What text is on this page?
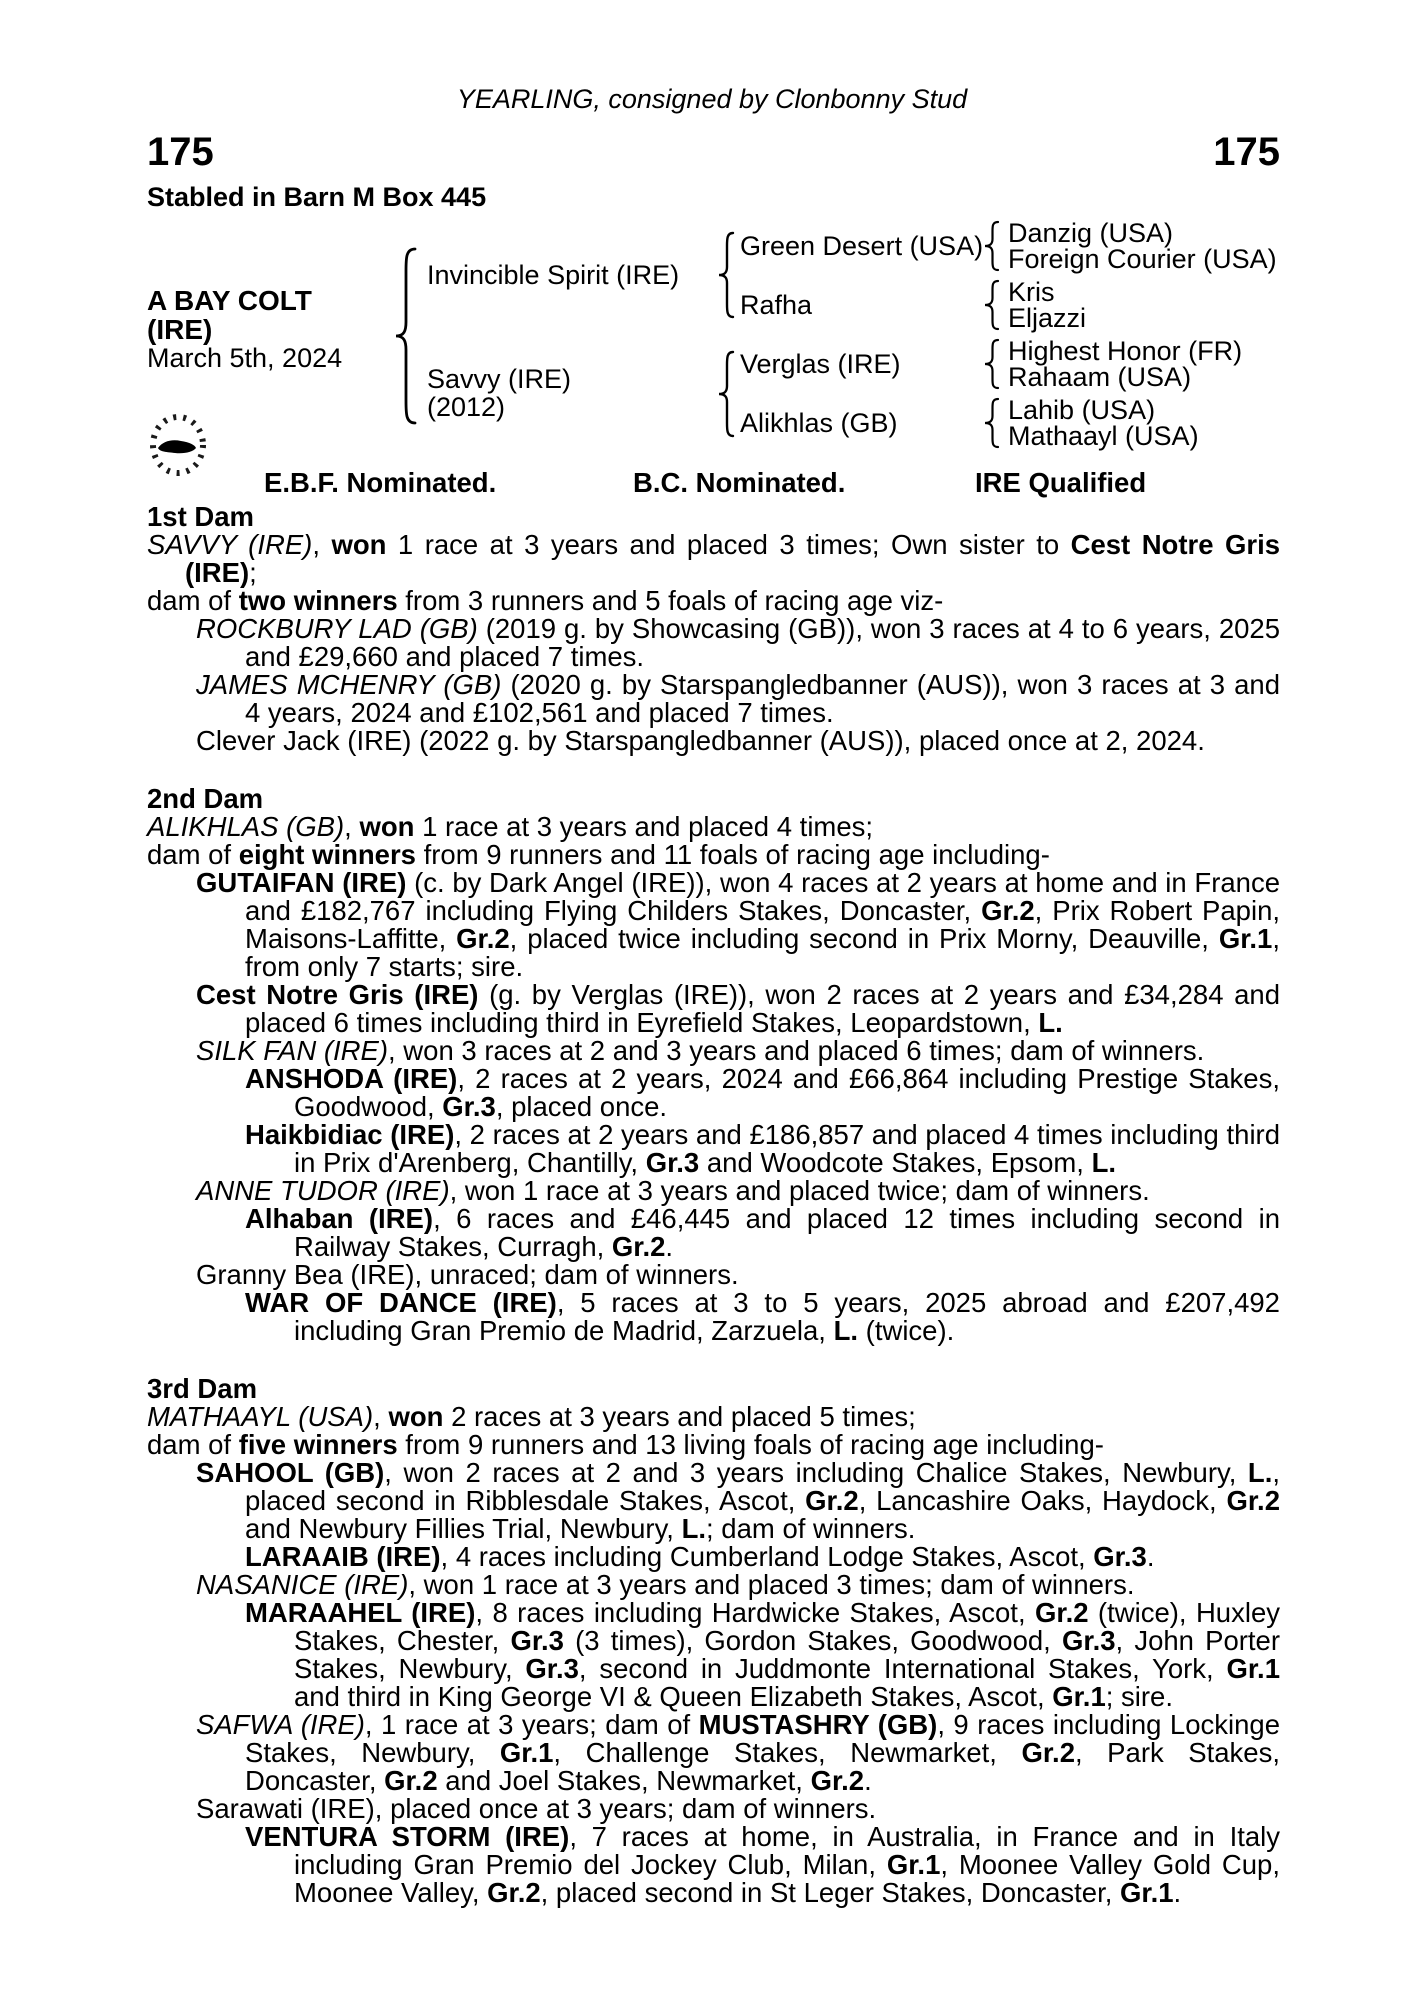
YEARLING, consigned by Clonbonny Stud
175	175
Stabled in Barn M Box 445
A BAY COLT
(IRE)
March 5th, 2024
Invincible Spirit (IRE)
Savvy (IRE)
(2012)
Green Desert (USA)
Rafha
Verglas (IRE)
Alikhlas (GB)
Danzig (USA)
Foreign Courier (USA)
Kris
Eljazzi
Highest Honor (FR)
Rahaam (USA)
Lahib (USA)
Mathaayl (USA)
E.B.F. Nominated.	B.C. Nominated.	IRE Qualified
1st Dam

SAVVY (IRE), won 1 race at 3 years and placed 3 times; Own sister to Cest Notre Gris (IRE);

dam of two winners from 3 runners and 5 foals of racing age viz-

ROCKBURY LAD (GB) (2019 g. by Showcasing (GB)), won 3 races at 4 to 6 years, 2025 and £29,660 and placed 7 times.

JAMES MCHENRY (GB) (2020 g. by Starspangledbanner (AUS)), won 3 races at 3 and 4 years, 2024 and £102,561 and placed 7 times.

Clever Jack (IRE) (2022 g. by Starspangledbanner (AUS)), placed once at 2, 2024.

2nd Dam

ALIKHLAS (GB), won 1 race at 3 years and placed 4 times;

dam of eight winners from 9 runners and 11 foals of racing age including-

GUTAIFAN (IRE) (c. by Dark Angel (IRE)), won 4 races at 2 years at home and in France and £182,767 including Flying Childers Stakes, Doncaster, Gr.2, Prix Robert Papin, Maisons-Laffitte, Gr.2, placed twice including second in Prix Morny, Deauville, Gr.1, from only 7 starts; sire.

Cest Notre Gris (IRE) (g. by Verglas (IRE)), won 2 races at 2 years and £34,284 and placed 6 times including third in Eyrefield Stakes, Leopardstown, L.

SILK FAN (IRE), won 3 races at 2 and 3 years and placed 6 times; dam of winners.

ANSHODA (IRE), 2 races at 2 years, 2024 and £66,864 including Prestige Stakes, Goodwood, Gr.3, placed once.

Haikbidiac (IRE), 2 races at 2 years and £186,857 and placed 4 times including third in Prix d'Arenberg, Chantilly, Gr.3 and Woodcote Stakes, Epsom, L.

ANNE TUDOR (IRE), won 1 race at 3 years and placed twice; dam of winners.

Alhaban (IRE), 6 races and £46,445 and placed 12 times including second in Railway Stakes, Curragh, Gr.2.

Granny Bea (IRE), unraced; dam of winners.

WAR OF DANCE (IRE), 5 races at 3 to 5 years, 2025 abroad and £207,492 including Gran Premio de Madrid, Zarzuela, L. (twice).

3rd Dam

MATHAAYL (USA), won 2 races at 3 years and placed 5 times;

dam of five winners from 9 runners and 13 living foals of racing age including-

SAHOOL (GB), won 2 races at 2 and 3 years including Chalice Stakes, Newbury, L., placed second in Ribblesdale Stakes, Ascot, Gr.2, Lancashire Oaks, Haydock, Gr.2 and Newbury Fillies Trial, Newbury, L.; dam of winners.

LARAAIB (IRE), 4 races including Cumberland Lodge Stakes, Ascot, Gr.3.

NASANICE (IRE), won 1 race at 3 years and placed 3 times; dam of winners.

MARAAHEL (IRE), 8 races including Hardwicke Stakes, Ascot, Gr.2 (twice), Huxley Stakes, Chester, Gr.3 (3 times), Gordon Stakes, Goodwood, Gr.3, John Porter Stakes, Newbury, Gr.3, second in Juddmonte International Stakes, York, Gr.1 and third in King George VI & Queen Elizabeth Stakes, Ascot, Gr.1; sire.

SAFWA (IRE), 1 race at 3 years; dam of MUSTASHRY (GB), 9 races including Lockinge Stakes, Newbury, Gr.1, Challenge Stakes, Newmarket, Gr.2, Park Stakes, Doncaster, Gr.2 and Joel Stakes, Newmarket, Gr.2.

Sarawati (IRE), placed once at 3 years; dam of winners.

VENTURA STORM (IRE), 7 races at home, in Australia, in France and in Italy including Gran Premio del Jockey Club, Milan, Gr.1, Moonee Valley Gold Cup, Moonee Valley, Gr.2, placed second in St Leger Stakes, Doncaster, Gr.1.
